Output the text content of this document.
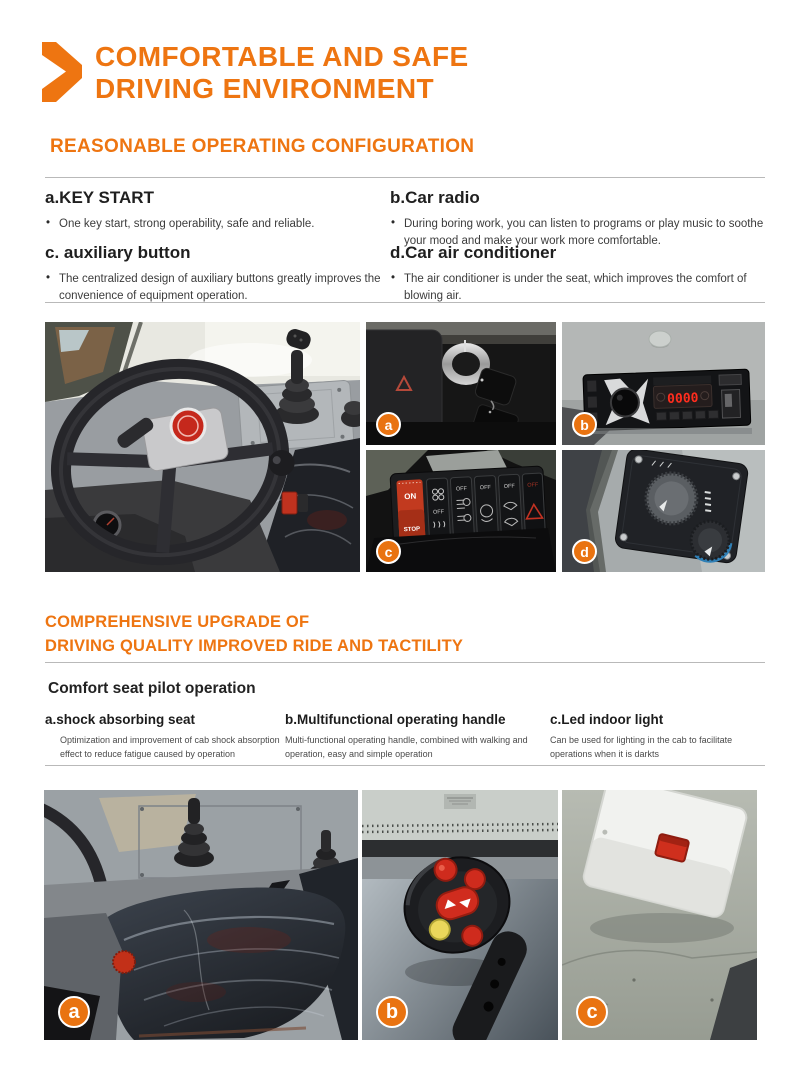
COMFORTABLE AND SAFE
DRIVING ENVIRONMENT
REASONABLE OPERATING CONFIGURATION
a.KEY START
• One key start, strong operability, safe and reliable.
b.Car radio
• During boring work, you can listen to programs or play music to soothe your mood and make your work more comfortable.
c. auxiliary button
• The centralized design of auxiliary buttons greatly improves the convenience of equipment operation.
d.Car air conditioner
• The air conditioner is under the seat, which improves the comfort of blowing air.
a
0000
b
ON
STOP
OFF
OFF OFF OFF OFF
c	d
COMPREHENSIVE UPGRADE OF
DRIVING QUALITY IMPROVED RIDE AND TACTILITY
Comfort seat pilot operation
a.shock absorbing seat

Optimization and improvement of cab shock absorption effect to reduce fatigue caused by operation

b.Multifunctional operating handle

Multi-functional operating handle, combined with walking and operation, easy and simple operation

c.Led indoor light

Can be used for lighting in the cab to facilitate operations when it is darkts

a	b	c
